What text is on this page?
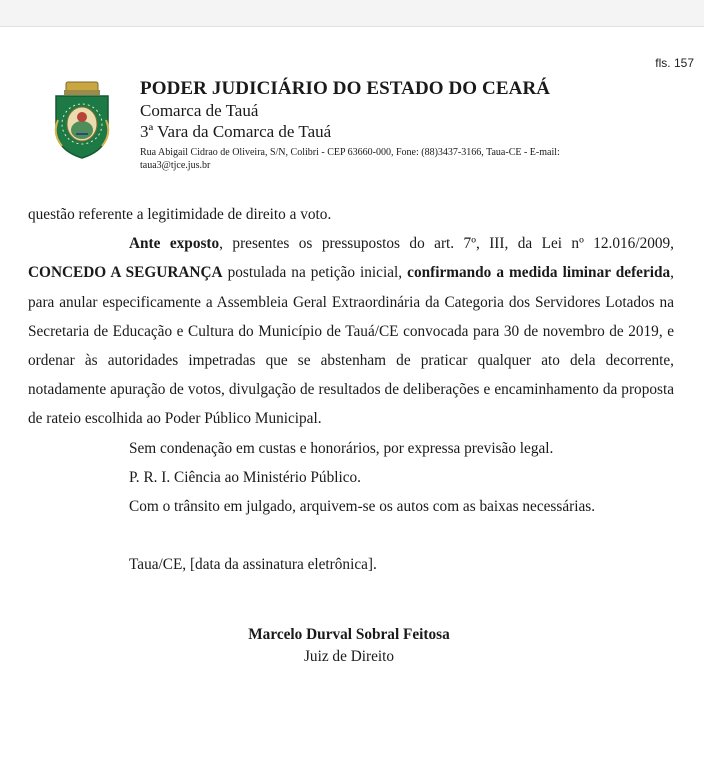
fls. 157
PODER JUDICIÁRIO DO ESTADO DO CEARÁ
Comarca de Tauá
3ª Vara da Comarca de Tauá
Rua Abigail Cidrao de Oliveira, S/N, Colibri - CEP 63660-000, Fone: (88)3437-3166, Taua-CE - E-mail:
taua3@tjce.jus.br

questão referente a legitimidade de direito a voto.

Ante exposto, presentes os pressupostos do art. 7º, III, da Lei nº 12.016/2009, CONCEDO A SEGURANÇA postulada na petição inicial, confirmando a medida liminar deferida, para anular especificamente a Assembleia Geral Extraordinária da Categoria dos Servidores Lotados na Secretaria de Educação e Cultura do Município de Tauá/CE convocada para 30 de novembro de 2019, e ordenar às autoridades impetradas que se abstenham de praticar qualquer ato dela decorrente, notadamente apuração de votos, divulgação de resultados de deliberações e encaminhamento da proposta de rateio escolhida ao Poder Público Municipal.

Sem condenação em custas e honorários, por expressa previsão legal.

P. R. I. Ciência ao Ministério Público.

Com o trânsito em julgado, arquivem-se os autos com as baixas necessárias.

Taua/CE, [data da assinatura eletrônica].

Marcelo Durval Sobral Feitosa
Juiz de Direito
